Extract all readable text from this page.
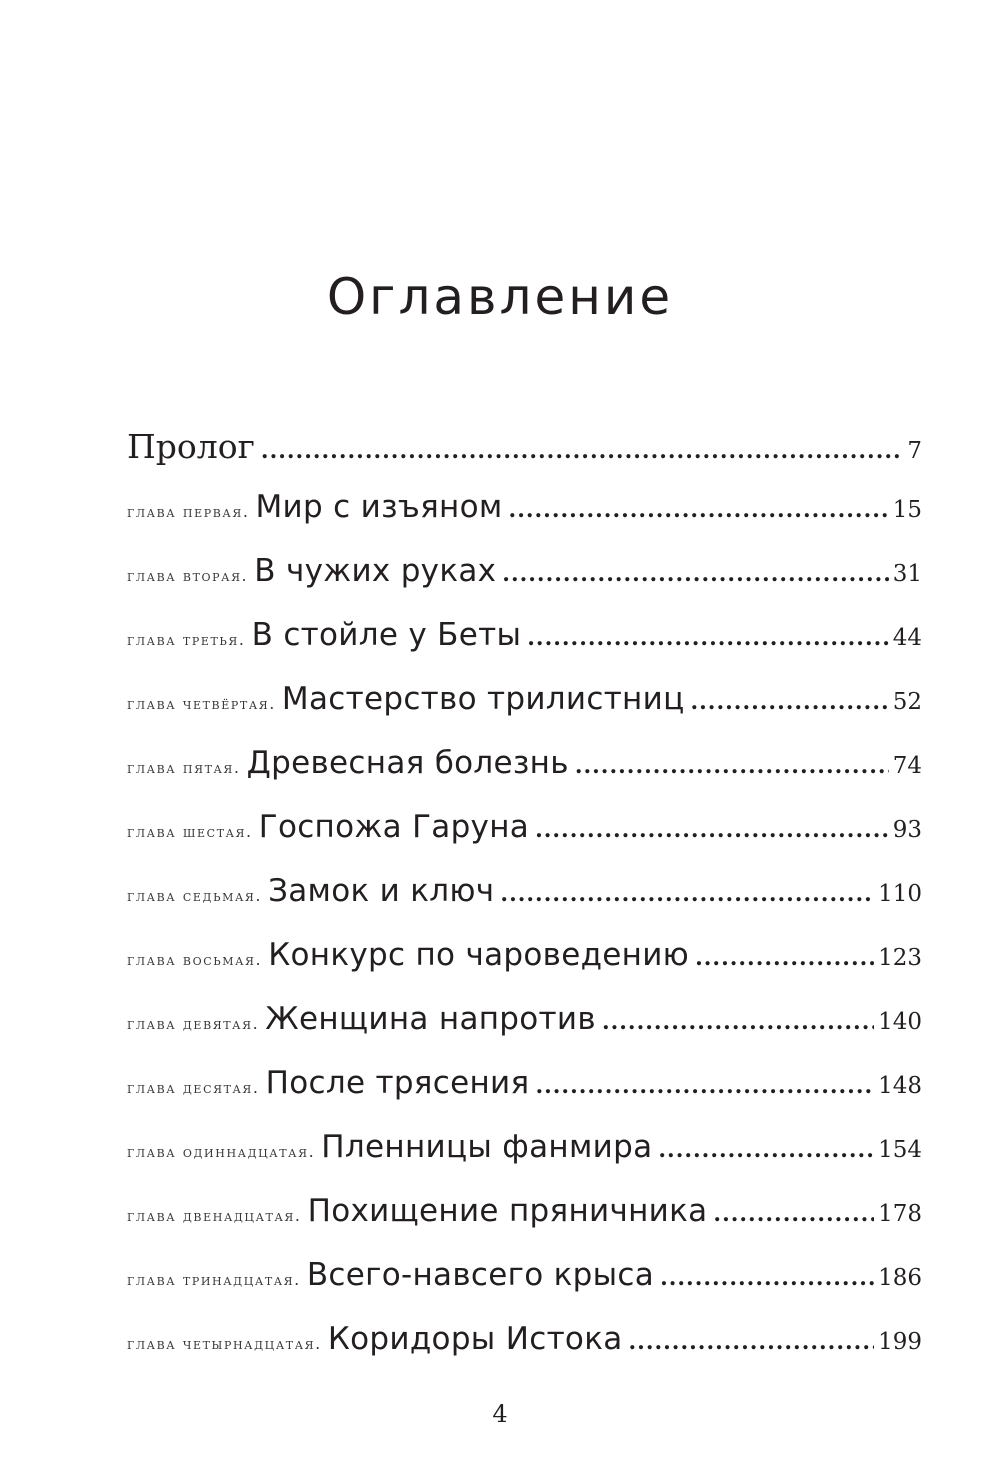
Оглавление
Пролог .....	7
глава первая. Мир с изъяном .....	15
глава вторая. В чужих руках .....	31
глава третья. В стойле у Беты .....	44
глава четвёртая. Мастерство трилистниц .....	52
глава пятая. Древесная болезнь .....	74
глава шестая. Госпожа Гаруна .....	93
глава седьмая. Замок и ключ .....	110
глава восьмая. Конкурс по чароведению .....	123
глава девятая. Женщина напротив .....	140
глава десятая. После трясения .....	148
глава одиннадцатая. Пленницы фанмира .....	154
глава двенадцатая. Похищение пряничника .....	178
глава тринадцатая. Всего-навсего крыса .....	186
глава четырнадцатая. Коридоры Истока .....	199
4
